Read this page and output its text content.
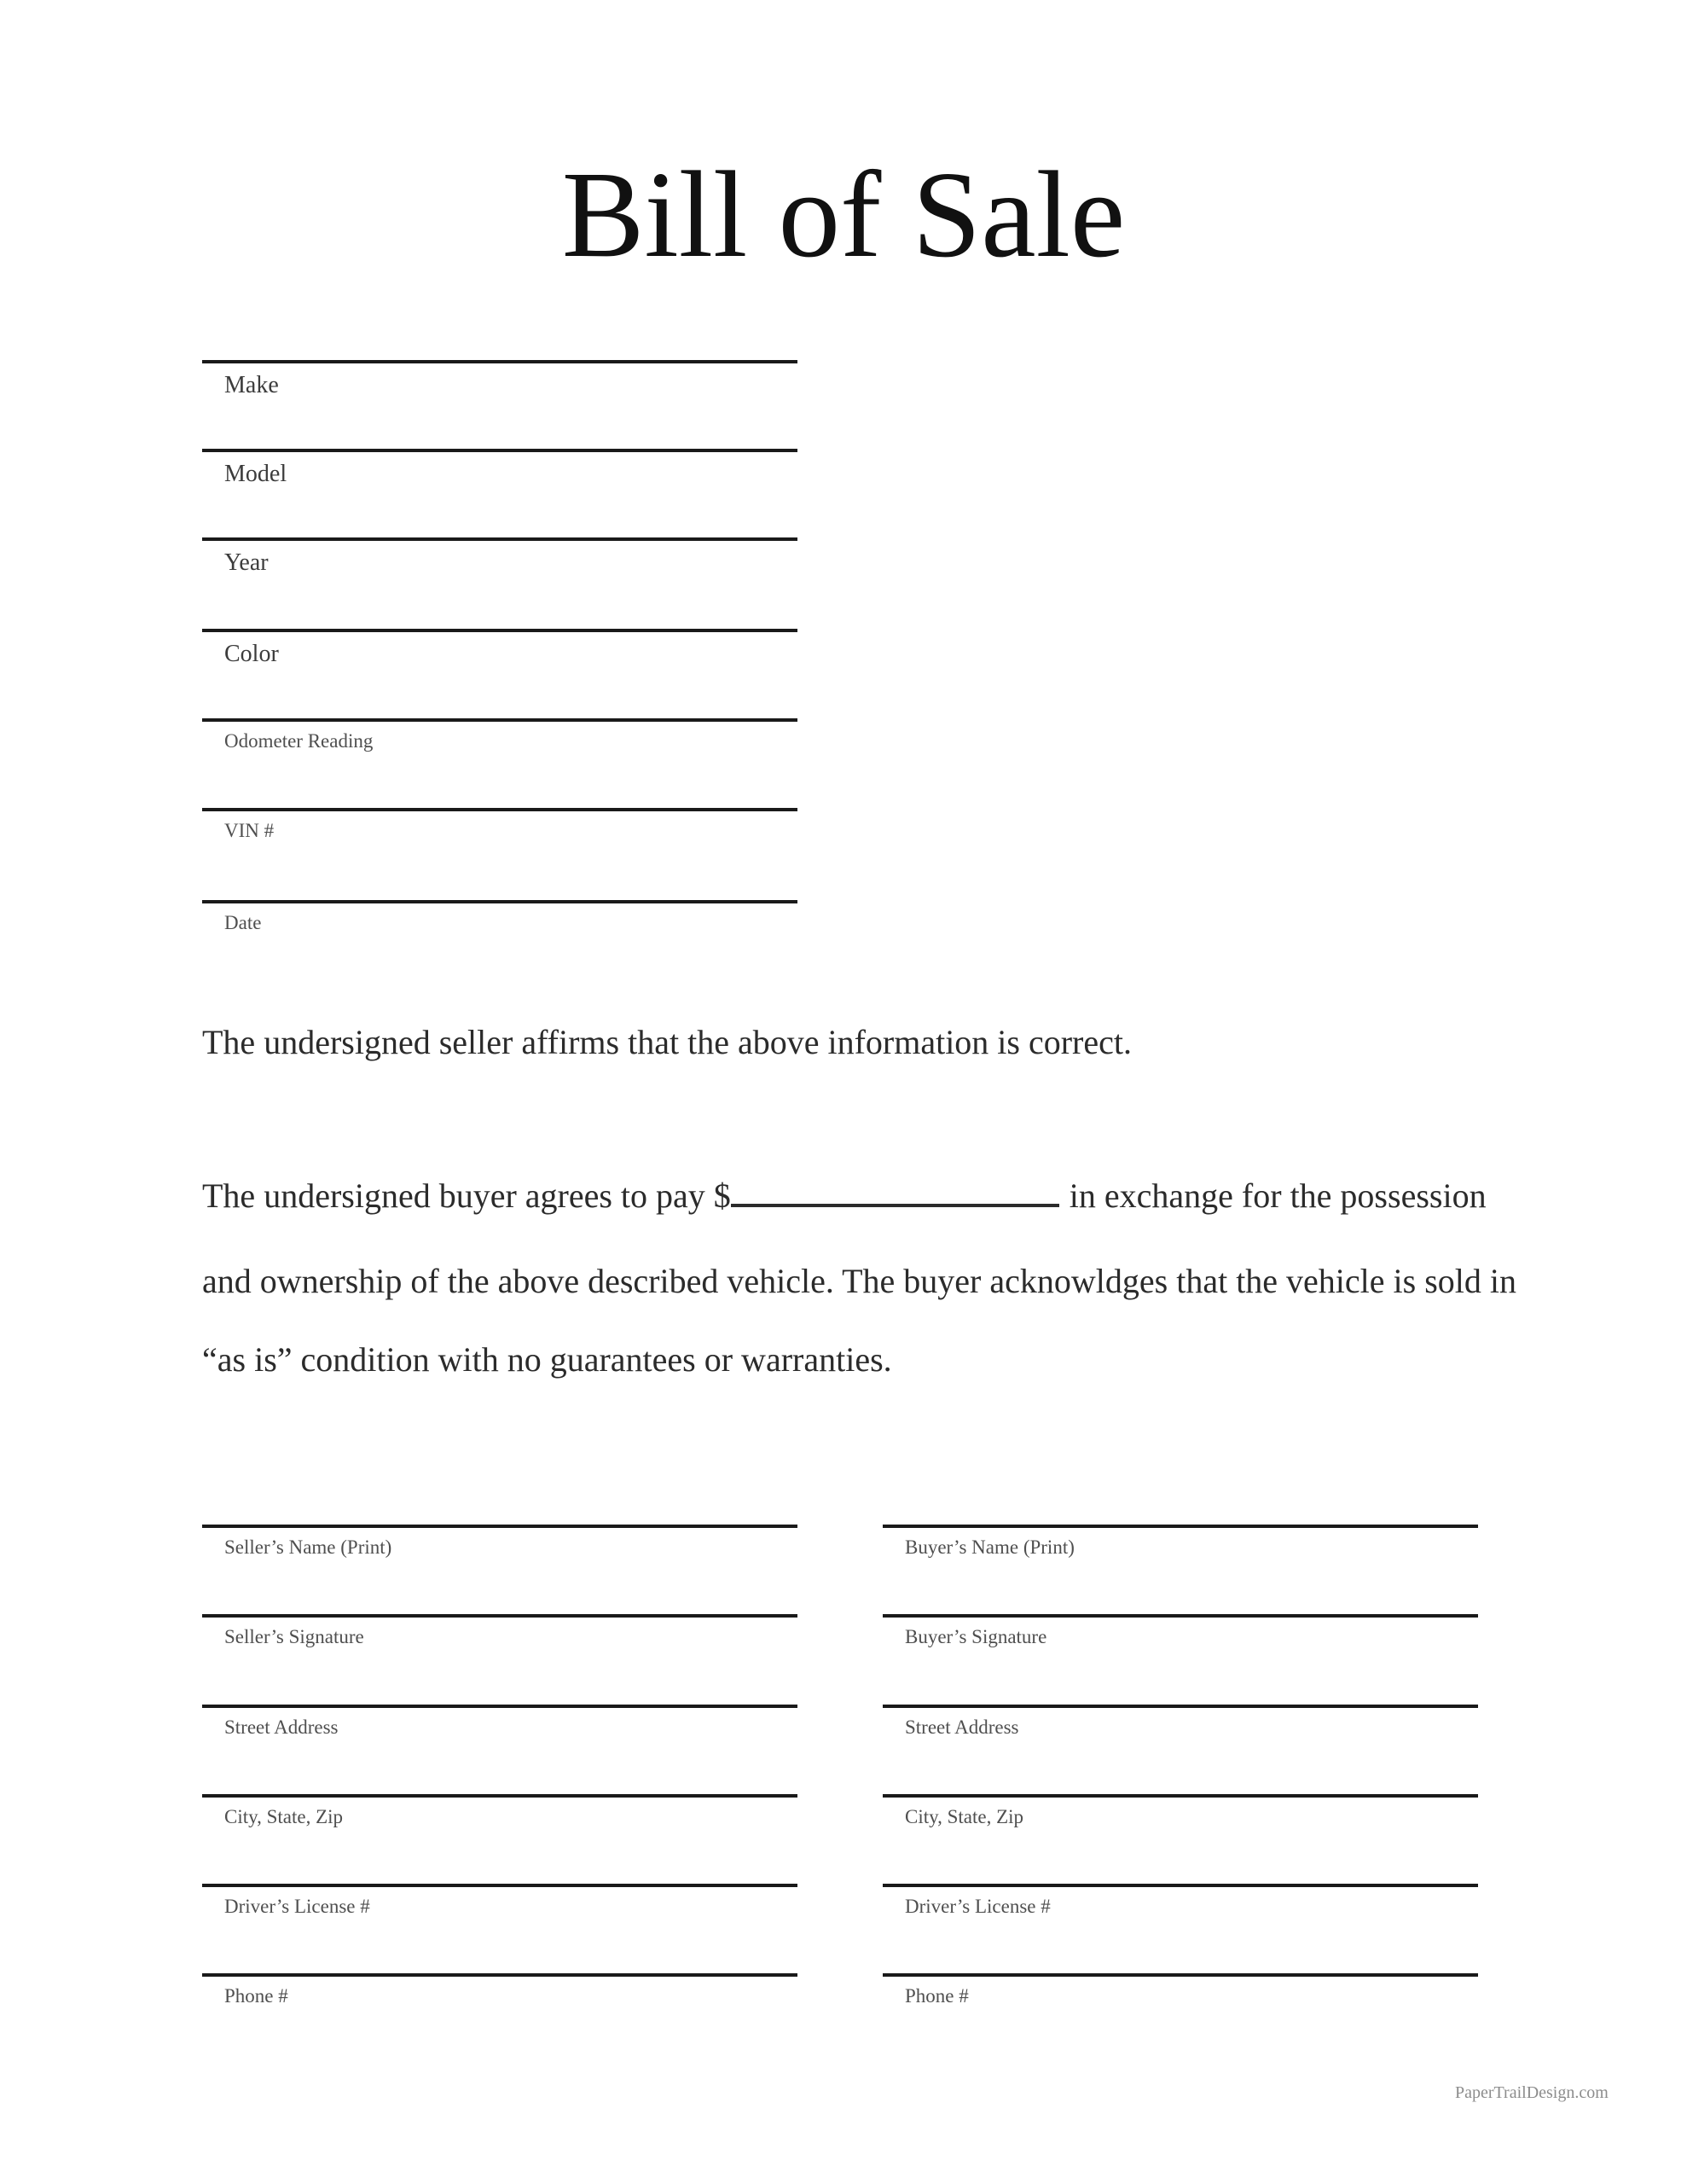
Bill of Sale
Make
Model
Year
Color
Odometer Reading
VIN #
Date
The undersigned seller affirms that the above information is correct.
The undersigned buyer agrees to pay $	in exchange for the possession
and ownership of the above described vehicle. The buyer acknowldges that the vehicle is sold in
“as is” condition with no guarantees or warranties.
Seller’s Name (Print)
Seller’s Signature
Street Address
City, State, Zip
Driver’s License #
Phone #
Buyer’s Name (Print)
Buyer’s Signature
Street Address
City, State, Zip
Driver’s License #
Phone #
PaperTrailDesign.com
